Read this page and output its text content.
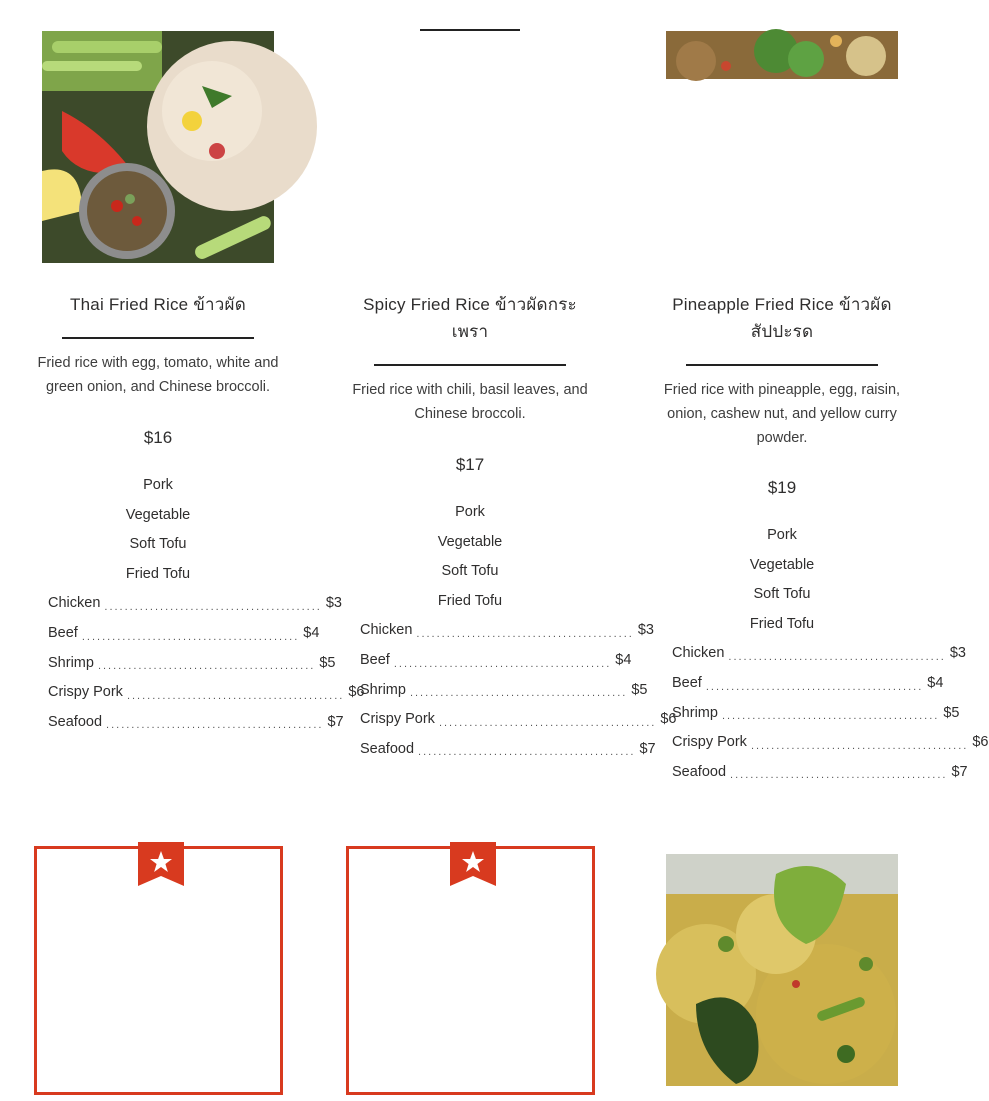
Thai Fried Rice ข้าวผัด
Fried rice with egg, tomato, white and green onion, and Chinese broccoli.
$16
Pork
Vegetable
Soft Tofu
Fried Tofu
Chicken ........................................... $3
Beef ........................................... $4
Shrimp ........................................... $5
Crispy Pork ........................................... $6
Seafood ........................................... $7
Spicy Fried Rice ข้าวผัดกระเพรา
Fried rice with chili, basil leaves, and Chinese broccoli.
$17
Pork
Vegetable
Soft Tofu
Fried Tofu
Chicken ........................................... $3
Beef ........................................... $4
Shrimp ........................................... $5
Crispy Pork ........................................... $6
Seafood ........................................... $7
Pineapple Fried Rice ข้าวผัดสัปปะรด
Fried rice with pineapple, egg, raisin, onion, cashew nut, and yellow curry powder.
$19
Pork
Vegetable
Soft Tofu
Fried Tofu
Chicken ........................................... $3
Beef ........................................... $4
Shrimp ........................................... $5
Crispy Pork ........................................... $6
Seafood ........................................... $7
